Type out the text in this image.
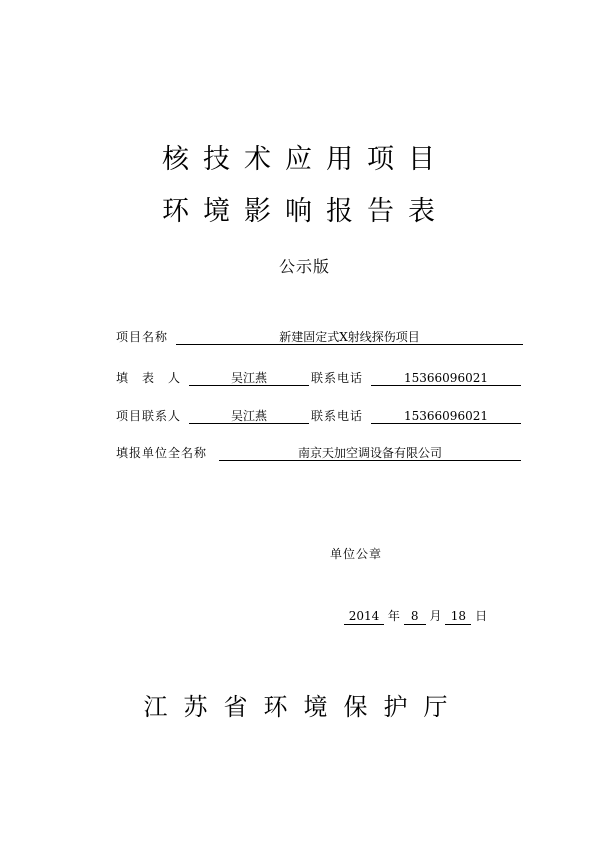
核技术应用项目
环境影响报告表
公示版
项目名称	新建固定式X射线探伤项目
填　表　人	吴江燕	联系电话	15366096021
项目联系人	吴江燕	联系电话	15366096021
填报单位全名称	南京天加空调设备有限公司
单位公章
2014 年 8 月 18 日
江苏省环境保护厅
